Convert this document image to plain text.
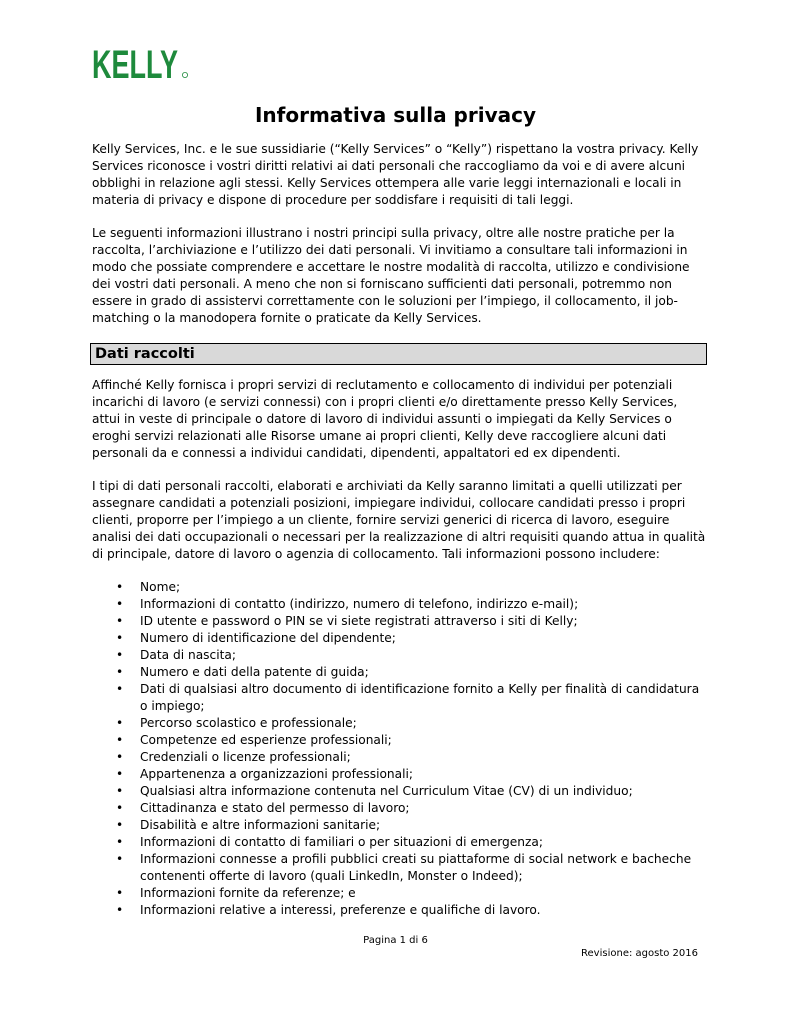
KELLY
Informativa sulla privacy

Kelly Services, Inc. e le sue sussidiarie (“Kelly Services” o “Kelly”) rispettano la vostra privacy. Kelly Services riconosce i vostri diritti relativi ai dati personali che raccogliamo da voi e di avere alcuni obblighi in relazione agli stessi. Kelly Services ottempera alle varie leggi internazionali e locali in materia di privacy e dispone di procedure per soddisfare i requisiti di tali leggi.

Le seguenti informazioni illustrano i nostri principi sulla privacy, oltre alle nostre pratiche per la raccolta, l’archiviazione e l’utilizzo dei dati personali. Vi invitiamo a consultare tali informazioni in modo che possiate comprendere e accettare le nostre modalità di raccolta, utilizzo e condivisione dei vostri dati personali. A meno che non si forniscano sufficienti dati personali, potremmo non essere in grado di assistervi correttamente con le soluzioni per l’impiego, il collocamento, il job-matching o la manodopera fornite o praticate da Kelly Services.

Dati raccolti

Affinché Kelly fornisca i propri servizi di reclutamento e collocamento di individui per potenziali incarichi di lavoro (e servizi connessi) con i propri clienti e/o direttamente presso Kelly Services, attui in veste di principale o datore di lavoro di individui assunti o impiegati da Kelly Services o eroghi servizi relazionati alle Risorse umane ai propri clienti, Kelly deve raccogliere alcuni dati personali da e connessi a individui candidati, dipendenti, appaltatori ed ex dipendenti.

I tipi di dati personali raccolti, elaborati e archiviati da Kelly saranno limitati a quelli utilizzati per assegnare candidati a potenziali posizioni, impiegare individui, collocare candidati presso i propri clienti, proporre per l’impiego a un cliente, fornire servizi generici di ricerca di lavoro, eseguire analisi dei dati occupazionali o necessari per la realizzazione di altri requisiti quando attua in qualità di principale, datore di lavoro o agenzia di collocamento. Tali informazioni possono includere:

• Nome;
• Informazioni di contatto (indirizzo, numero di telefono, indirizzo e-mail);
• ID utente e password o PIN se vi siete registrati attraverso i siti di Kelly;
• Numero di identificazione del dipendente;
• Data di nascita;
• Numero e dati della patente di guida;
• Dati di qualsiasi altro documento di identificazione fornito a Kelly per finalità di candidatura o impiego;
• Percorso scolastico e professionale;
• Competenze ed esperienze professionali;
• Credenziali o licenze professionali;
• Appartenenza a organizzazioni professionali;
• Qualsiasi altra informazione contenuta nel Curriculum Vitae (CV) di un individuo;
• Cittadinanza e stato del permesso di lavoro;
• Disabilità e altre informazioni sanitarie;
• Informazioni di contatto di familiari o per situazioni di emergenza;
• Informazioni connesse a profili pubblici creati su piattaforme di social network e bacheche contenenti offerte di lavoro (quali LinkedIn, Monster o Indeed);
• Informazioni fornite da referenze; e
• Informazioni relative a interessi, preferenze e qualifiche di lavoro.
Pagina 1 di 6
Revisione: agosto 2016
